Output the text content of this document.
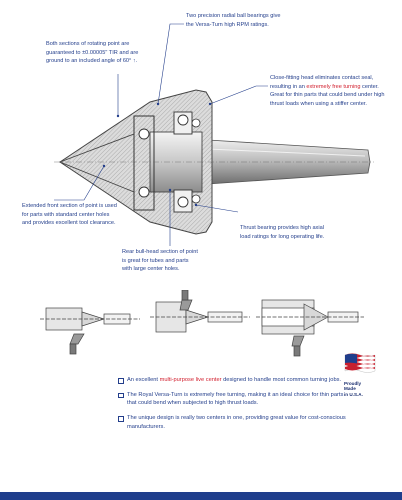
Two precision radial ball bearings give
the Versa-Turn high RPM ratings.
Both sections of rotating point are
guaranteed to ±0.00005" TIR and are
ground to an included angle of 60° ↑.
Close-fitting head eliminates contact seal,
resulting in an extremely free turning center.
Great for thin parts that could bend under high
thrust loads when using a stiffer center.
Extended front section of point is used
for parts with standard center holes
and provides excellent tool clearance.
Thrust bearing provides high axial
load ratings for long operating life.
Rear bull-head section of point
is great for tubes and parts
with large center holes.
An excellent multi-purpose live center designed to handle most common turning jobs.
The Royal Versa-Turn is extremely free turning, making it an ideal choice for thin parts that could bend when subjected to high thrust loads.
The unique design is really two centers in one, providing great value for cost-conscious manufacturers.
Proudly
Made
in U.S.A.
